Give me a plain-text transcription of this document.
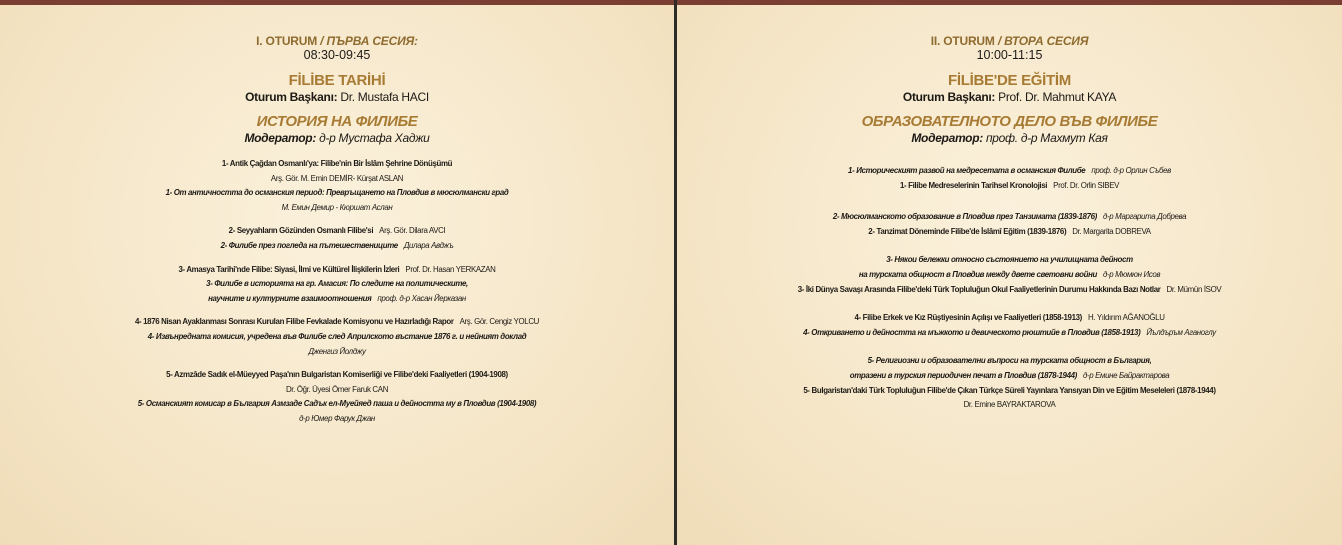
I. OTURUM / ПЪРВА СЕСИЯ:
08:30-09:45
FİLİBE TARİHİ
Oturum Başkanı: Dr. Mustafa HACI
ИСТОРИЯ НА ФИЛИБЕ
Модератор: д-р Мустафа Хаджи
1- Antik Çağdan Osmanlı'ya: Filibe'nin Bir İslâm Şehrine Dönüşümü
Arş. Gör. M. Emin DEMİR- Kürşat ASLAN
1- От античността до османския период: Превръщането на Пловдив в мюсюлмански град
М. Емин Демир - Кюршат Аслан
2- Seyyahların Gözünden Osmanlı Filibe'si Arş. Gör. Dilara AVCI
2- Филибе през погледа на пътешествениците Дилара Авджъ
3- Amasya Tarihi'nde Filibe: Siyasi, İlmi ve Kültürel İlişkilerin İzleri Prof. Dr. Hasan YERKAZAN
3- Филибе в историята на гр. Амасия: По следите на политическите,
научните и културните взаимоотношения проф. д-р Хасан Йерказан
4- 1876 Nisan Ayaklanması Sonrası Kurulan Filibe Fevkalade Komisyonu ve Hazırladığı Rapor Arş. Gör. Cengiz YOLCU
4- Извънредната комисия, учредена във Филибе след Априлското въстание 1876 г. и нейният доклад
Дженгиз Йолджу
5- Azmzâde Sadık el-Müeyyed Paşa'nın Bulgaristan Komiserliği ve Filibe'deki Faaliyetleri (1904-1908)
Dr. Öğr. Üyesi Ömer Faruk CAN
5- Османският комисар в България Азмзаде Садък ел-Муейяед паша и дейността му в Пловдив (1904-1908)
д-р Юмер Фарук Джан
II. OTURUM / ВТОРА СЕСИЯ
10:00-11:15
FİLİBE'DE EĞİTİM
Oturum Başkanı: Prof. Dr. Mahmut KAYA
ОБРАЗОВАТЕЛНОТО ДЕЛО ВЪВ ФИЛИБЕ
Модератор: проф. д-р Махмут Кая
1- Историческият развой на медресетата в османския Филибе проф. д-р Орлин Събев
1- Filibe Medreselerinin Tarihsel Kronolojisi Prof. Dr. Orlin SIBEV
2- Мюсюлманското образование в Пловдив през Танзимата (1839-1876) д-р Маргарита Добрева
2- Tanzimat Döneminde Filibe'de İslâmî Eğitim (1839-1876) Dr. Margarita DOBREVA
3- Някои бележки относно състоянието на училищната дейност
на турската общност в Пловдив между двете световни войни д-р Мюмюн Исов
3- İki Dünya Savaşı Arasında Filibe'deki Türk Topluluğun Okul Faaliyetlerinin Durumu Hakkında Bazı Notlar Dr. Mümün İSOV
4- Filibe Erkek ve Kız Rüştiyesinin Açılışı ve Faaliyetleri (1858-1913) H. Yıldırım AĞANOĞLU
4- Откриването и дейността на мъжкото и девическото рюштийе в Пловдив (1858-1913) Йълдъръм Аганоглу
5- Религиозни и образователни въпроси на турската общност в България,
отразени в турския периодичен печат в Пловдив (1878-1944) д-р Емине Байрактарова
5- Bulgaristan'daki Türk Topluluğun Filibe'de Çıkan Türkçe Süreli Yayınlara Yansıyan Din ve Eğitim Meseleleri (1878-1944)
Dr. Emine BAYRAKTAROVA
